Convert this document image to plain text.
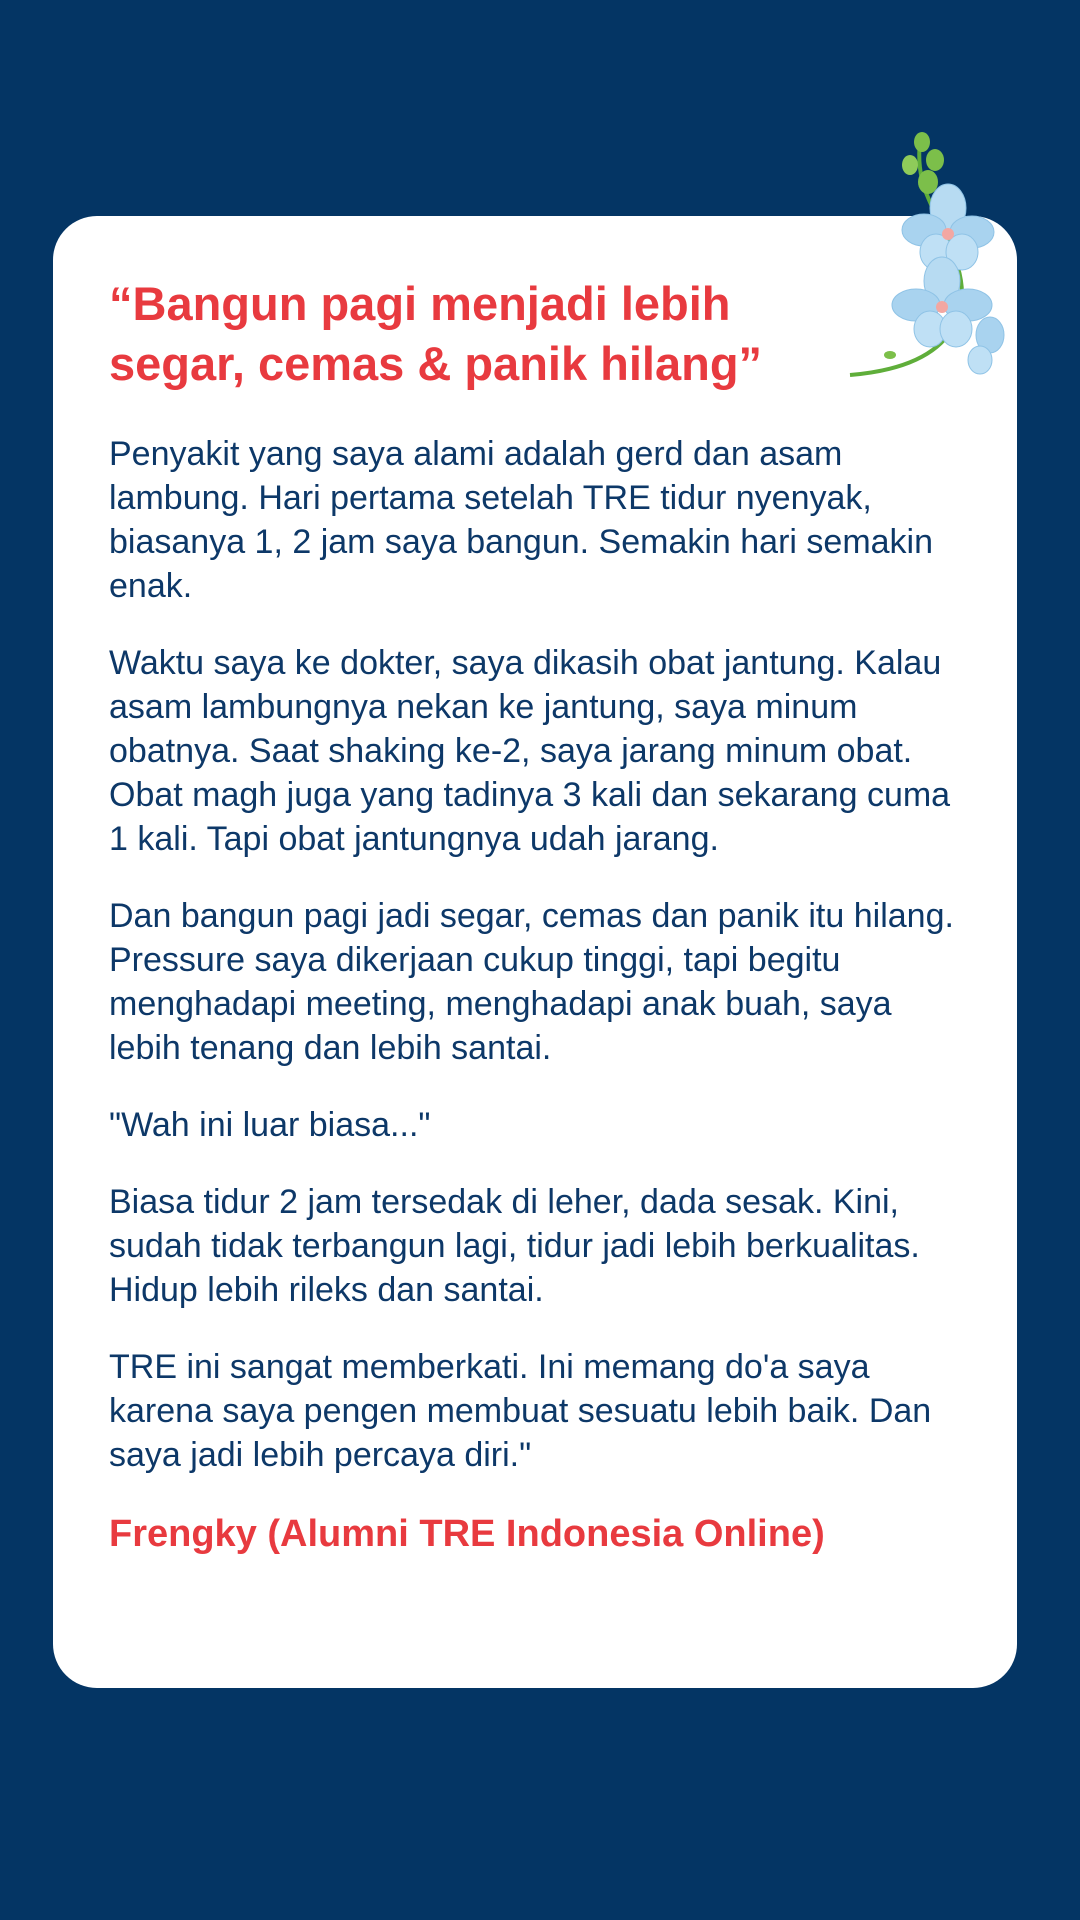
“Bangun pagi menjadi lebih segar, cemas & panik hilang”

Penyakit yang saya alami adalah gerd dan asam lambung. Hari pertama setelah TRE tidur nyenyak, biasanya 1, 2 jam saya bangun. Semakin hari semakin enak.

Waktu saya ke dokter, saya dikasih obat jantung. Kalau asam lambungnya nekan ke jantung, saya minum obatnya. Saat shaking ke-2, saya jarang minum obat. Obat magh juga yang tadinya 3 kali dan sekarang cuma 1 kali. Tapi obat jantungnya udah jarang.

Dan bangun pagi jadi segar, cemas dan panik itu hilang. Pressure saya dikerjaan cukup tinggi, tapi begitu menghadapi meeting, menghadapi anak buah, saya lebih tenang dan lebih santai.

"Wah ini luar biasa..."

Biasa tidur 2 jam tersedak di leher, dada sesak. Kini, sudah tidak terbangun lagi, tidur jadi lebih berkualitas. Hidup lebih rileks dan santai.

TRE ini sangat memberkati. Ini memang do'a saya karena saya pengen membuat sesuatu lebih baik. Dan saya jadi lebih percaya diri."

Frengky (Alumni TRE Indonesia Online)
